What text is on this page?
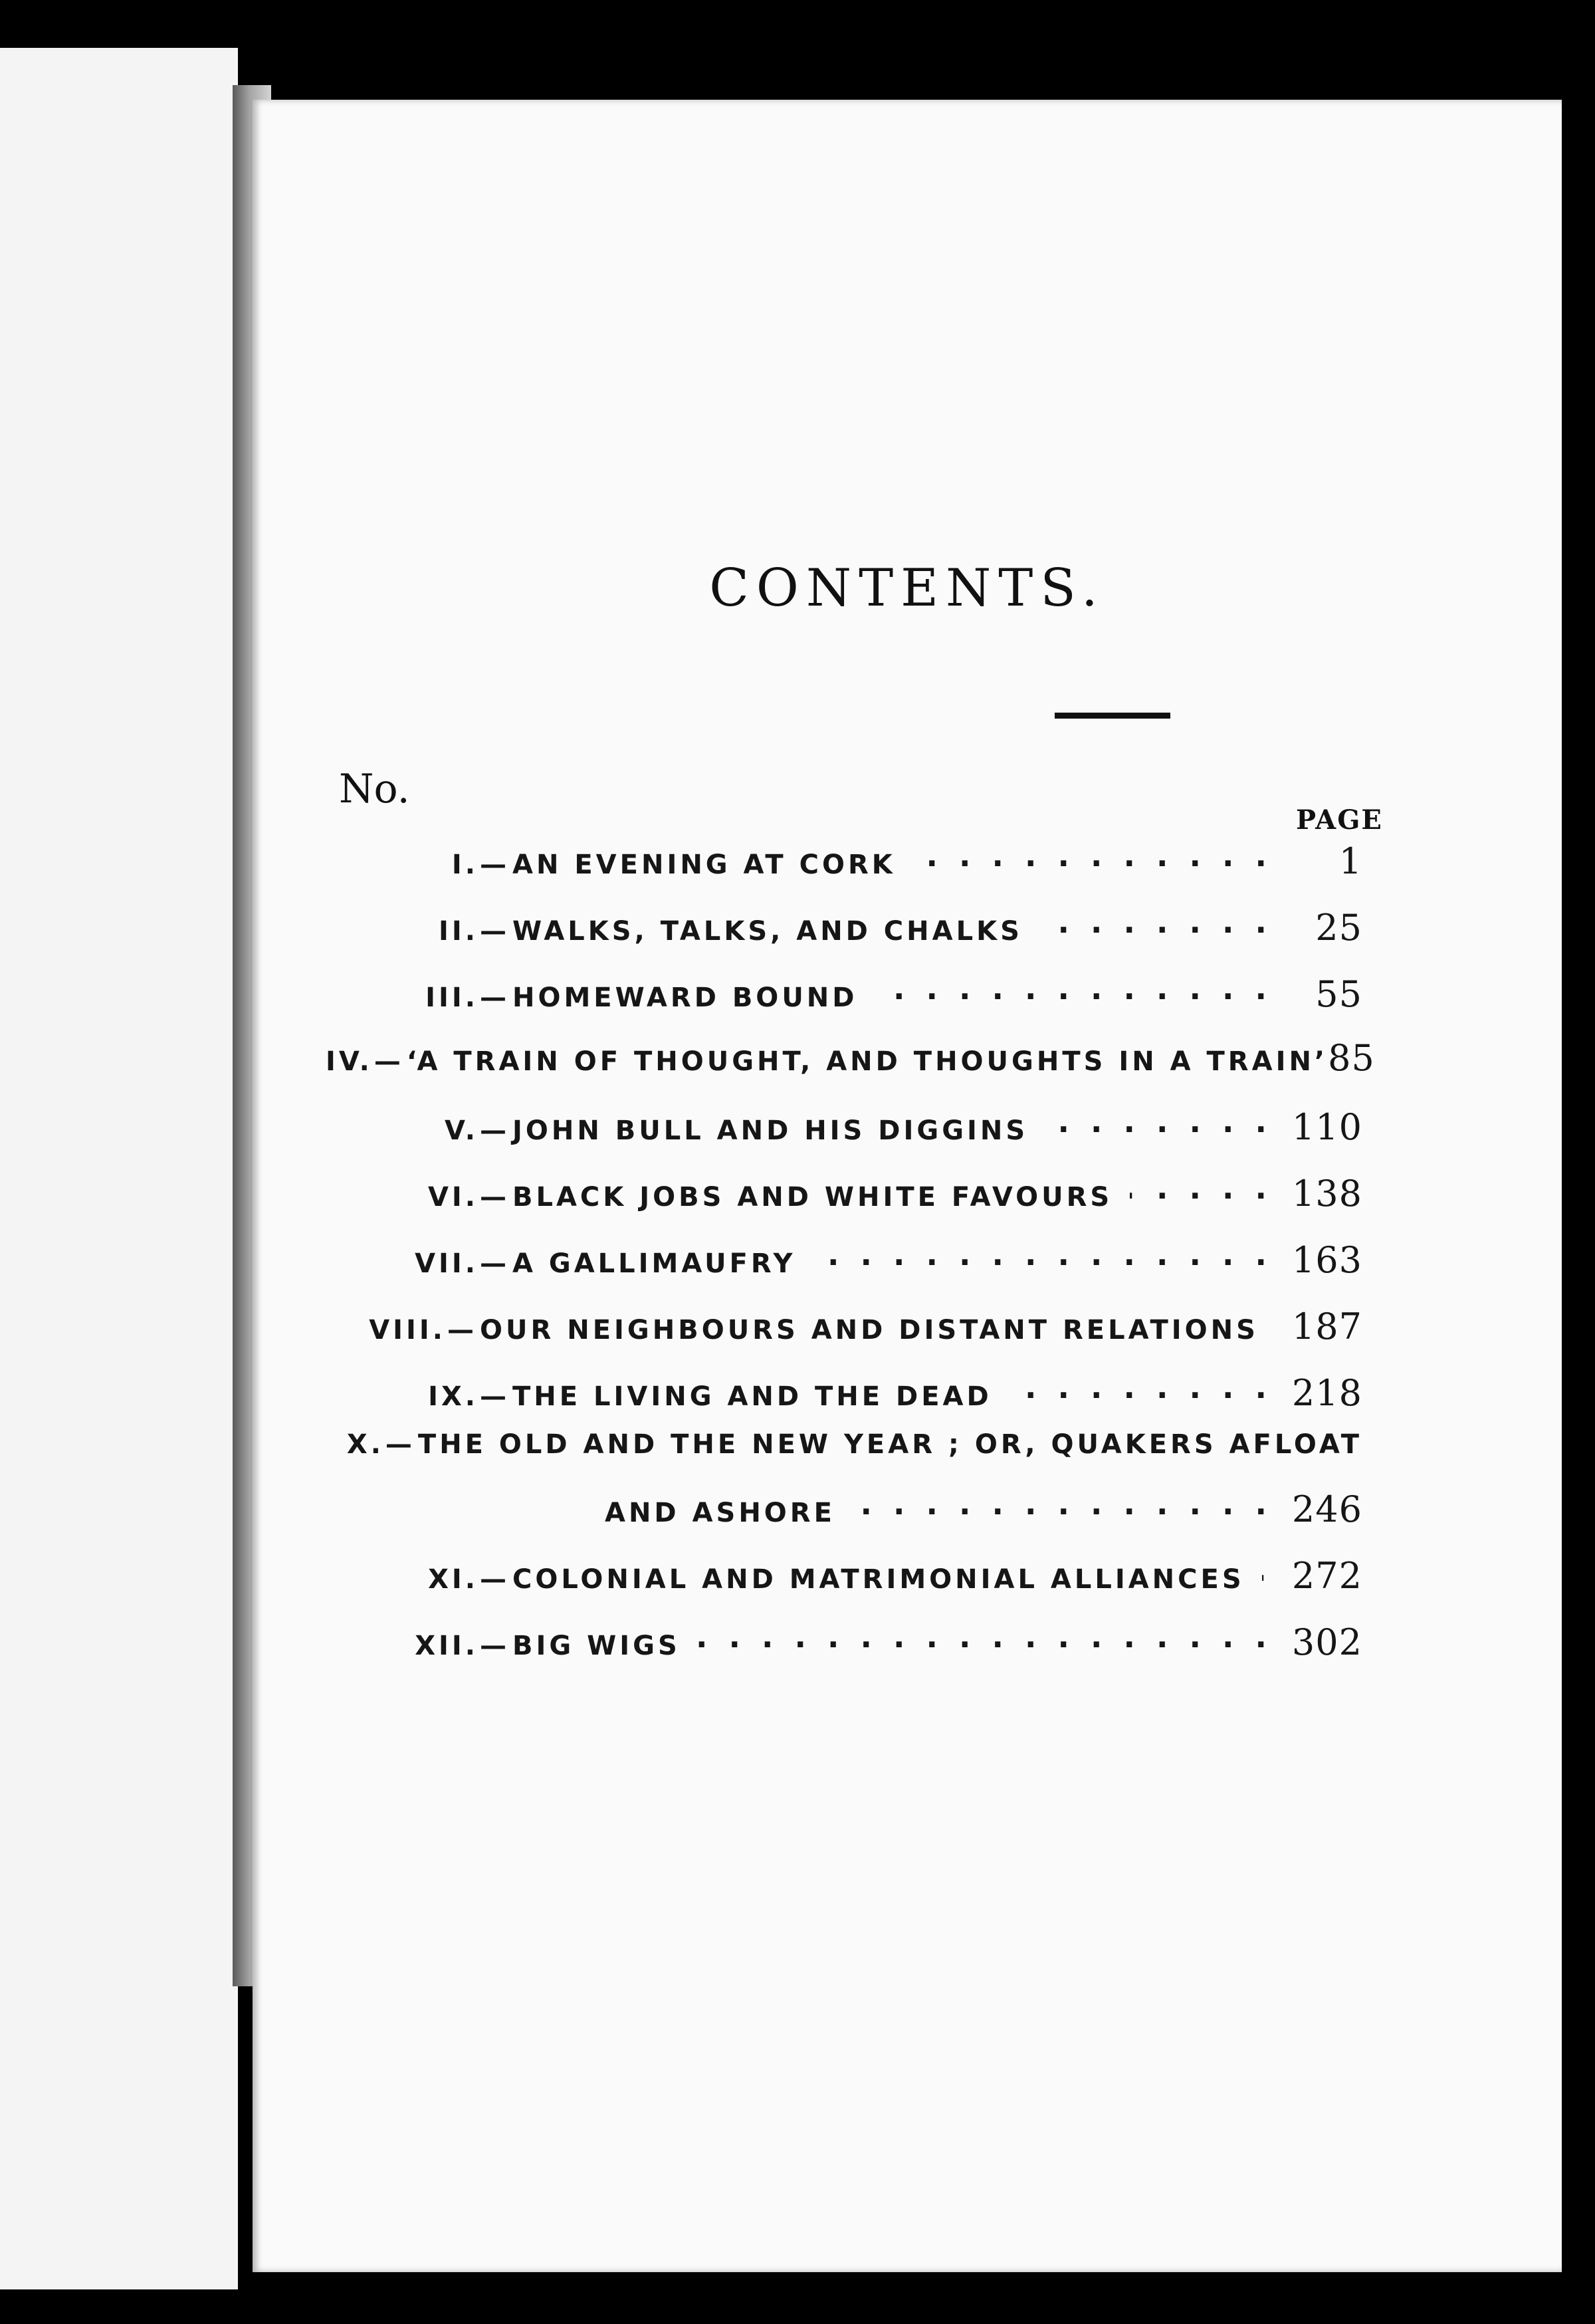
CONTENTS.
No.
PAGE
I. — AN EVENING AT CORK . .	1
II. — WALKS, TALKS, AND CHALKS . .	25
III. — HOMEWARD BOUND . .	55
IV. — ‘A TRAIN OF THOUGHT, AND THOUGHTS IN A TRAIN’ 85
V. — JOHN BULL AND HIS DIGGINS . .	110
VI. — BLACK JOBS AND WHITE FAVOURS . .	138
VII. — A GALLIMAUFRY . .	163
VIII. — OUR NEIGHBOURS AND DISTANT RELATIONS 187
IX. — THE LIVING AND THE DEAD . .	218
X. — THE OLD AND THE NEW YEAR ; OR, QUAKERS AFLOAT
AND ASHORE . .	246
XI. — COLONIAL AND MATRIMONIAL ALLIANCES . . 272
XII. — BIG WIGS . .	302
